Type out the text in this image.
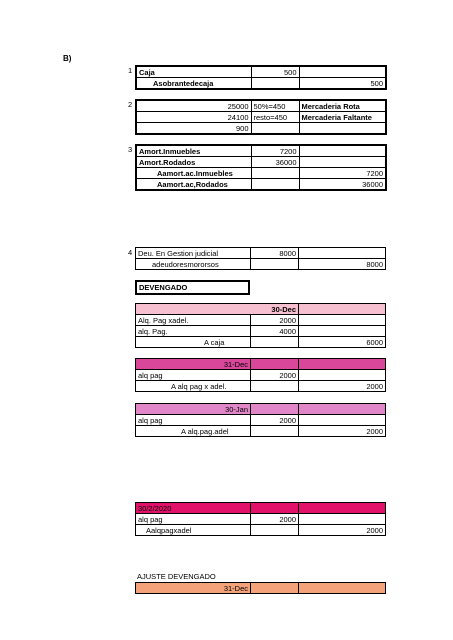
B)
1 Caja	500	
Asobrantedecaja		500
2	25000	50%=450	Mercaderia Rota
24100	resto=450	Mercaderia Faltante
900		
3 Amort.Inmuebles	7200	
Amort.Rodados	36000	
Aamort.ac.Inmuebles		7200
Aamort.ac,Rodados		36000
4 Deu. En Gestion judicial	8000	
adeudoresmororsos		8000
DEVENGADO
30-Dec		
Alq. Pag xadel.	2000	
alq. Pag.	4000	
A caja		6000
31-Dec		
alq pag	2000	
A alq pag x adel.		2000
30-Jan		
alq pag	2000	
A alq.pag.adel		2000
30/2/2020		
alq pag	2000	
Aalqpagxadel		2000
AJUSTE DEVENGADO
31-Dec		
